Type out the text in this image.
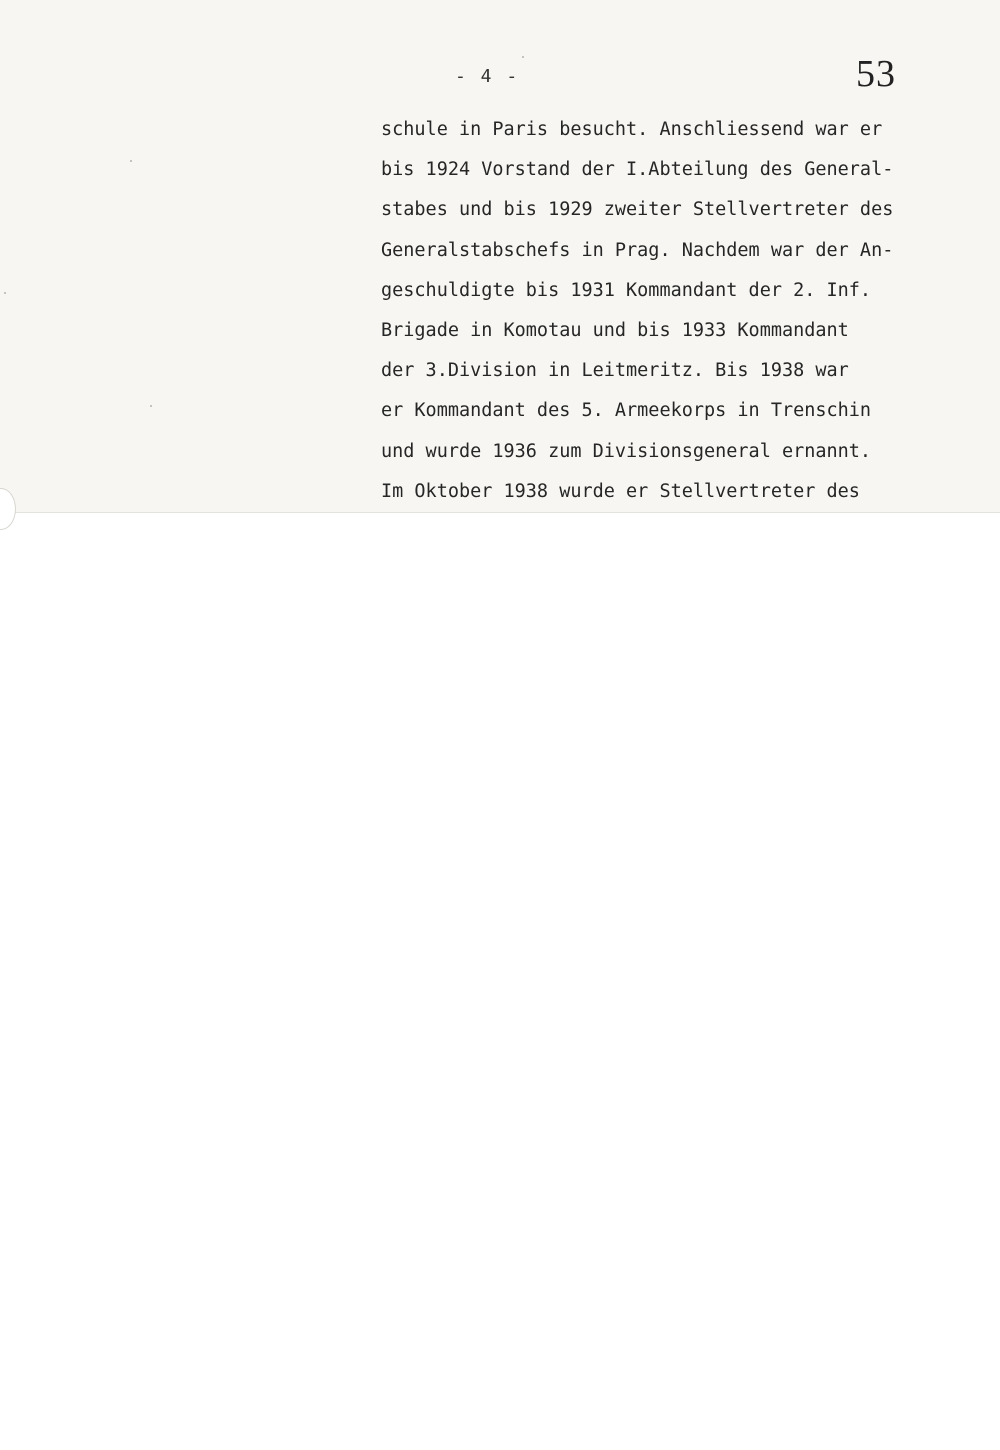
- 4 -	53
schule in Paris besucht. Anschliessend war er
bis 1924 Vorstand der I.Abteilung des General-
stabes und bis 1929 zweiter Stellvertreter des
Generalstabschefs in Prag. Nachdem war der An-
geschuldigte bis 1931 Kommandant der 2. Inf.
Brigade in Komotau und bis 1933 Kommandant
der 3.Division in Leitmeritz. Bis 1938 war
er Kommandant des 5. Armeekorps in Trenschin
und wurde 1936 zum Divisionsgeneral ernannt.
Im Oktober 1938 wurde er Stellvertreter des
